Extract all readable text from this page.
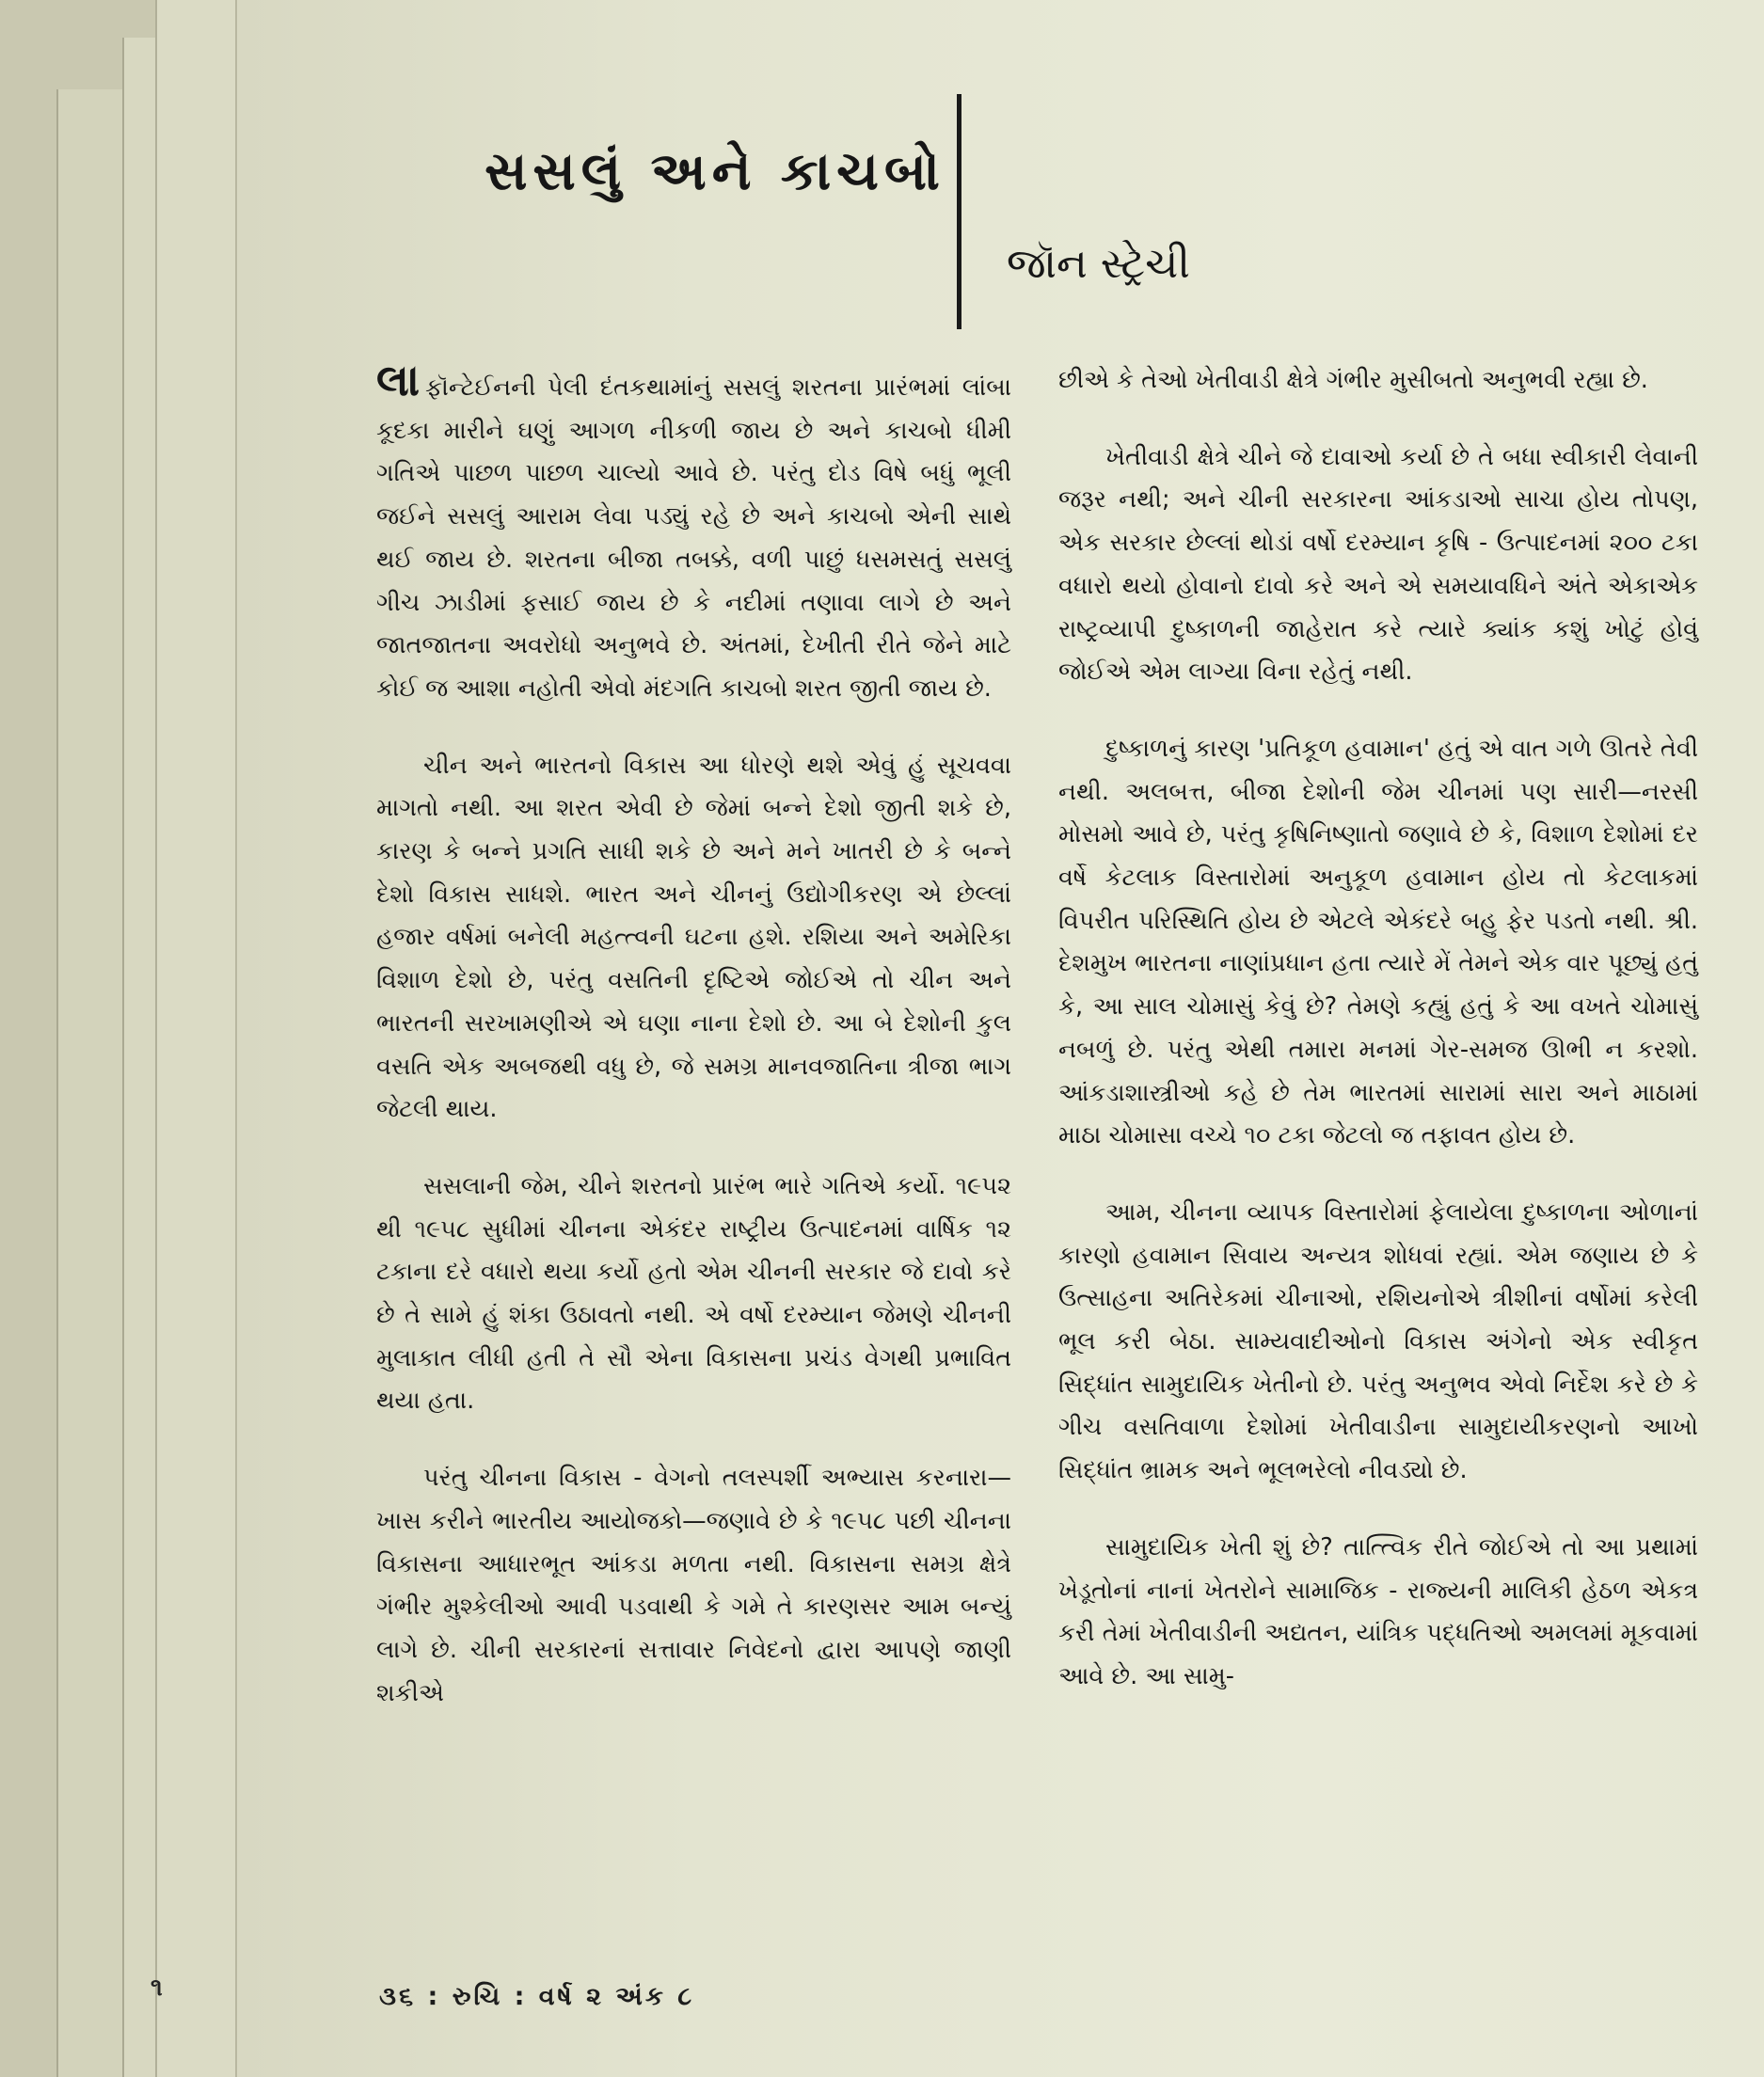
૧
સસલું અને કાચબો
જૉન સ્ટ્રેચી

લાફૉન્ટેઈનની પેલી દંતકથામાંનું સસલું શરતના પ્રારંભમાં લાંબા કૂદકા મારીને ઘણું આગળ નીકળી જાય છે અને કાચબો ધીમી ગતિએ પાછળ પાછળ ચાલ્યો આવે છે. પરંતુ દોડ વિષે બધું ભૂલી જઈને સસલું આરામ લેવા પડ્યું રહે છે અને કાચબો એની સાથે થઈ જાય છે. શરતના બીજા તબક્કે, વળી પાછું ધસમસતું સસલું ગીચ ઝાડીમાં ફસાઈ જાય છે કે નદીમાં તણાવા લાગે છે અને જાતજાતના અવરોધો અનુભવે છે. અંતમાં, દેખીતી રીતે જેને માટે કોઈ જ આશા નહોતી એવો મંદગતિ કાચબો શરત જીતી જાય છે.

ચીન અને ભારતનો વિકાસ આ ધોરણે થશે એવું હું સૂચવવા માગતો નથી. આ શરત એવી છે જેમાં બન્ને દેશો જીતી શકે છે, કારણ કે બન્ને પ્રગતિ સાધી શકે છે અને મને ખાતરી છે કે બન્ને દેશો વિકાસ સાધશે. ભારત અને ચીનનું ઉદ્યોગીકરણ એ છેલ્લાં હજાર વર્ષમાં બનેલી મહત્ત્વની ઘટના હશે. રશિયા અને અમેરિકા વિશાળ દેશો છે, પરંતુ વસતિની દૃષ્ટિએ જોઈએ તો ચીન અને ભારતની સરખામણીએ એ ઘણા નાના દેશો છે. આ બે દેશોની કુલ વસતિ એક અબજથી વધુ છે, જે સમગ્ર માનવજાતિના ત્રીજા ભાગ જેટલી થાય.

સસલાની જેમ, ચીને શરતનો પ્રારંભ ભારે ગતિએ કર્યો. ૧૯૫૨ થી ૧૯૫૮ સુધીમાં ચીનના એકંદર રાષ્ટ્રીય ઉત્પાદનમાં વાર્ષિક ૧૨ ટકાના દરે વધારો થયા કર્યો હતો એમ ચીનની સરકાર જે દાવો કરે છે તે સામે હું શંકા ઉઠાવતો નથી. એ વર્ષો દરમ્યાન જેમણે ચીનની મુલાકાત લીધી હતી તે સૌ એના વિકાસના પ્રચંડ વેગથી પ્રભાવિત થયા હતા.

પરંતુ ચીનના વિકાસ - વેગનો તલસ્પર્શી અભ્યાસ કરનારા—ખાસ કરીને ભારતીય આયોજકો—જણાવે છે કે ૧૯૫૮ પછી ચીનના વિકાસના આધારભૂત આંકડા મળતા નથી. વિકાસના સમગ્ર ક્ષેત્રે ગંભીર મુશ્કેલીઓ આવી પડવાથી કે ગમે તે કારણસર આમ બન્યું લાગે છે. ચીની સરકારનાં સત્તાવાર નિવેદનો દ્વારા આપણે જાણી શકીએ

છીએ કે તેઓ ખેતીવાડી ક્ષેત્રે ગંભીર મુસીબતો અનુભવી રહ્યા છે.

ખેતીવાડી ક્ષેત્રે ચીને જે દાવાઓ કર્યા છે તે બધા સ્વીકારી લેવાની જરૂર નથી; અને ચીની સરકારના આંકડાઓ સાચા હોય તોપણ, એક સરકાર છેલ્લાં થોડાં વર્ષો દરમ્યાન કૃષિ - ઉત્પાદનમાં ૨૦૦ ટકા વધારો થયો હોવાનો દાવો કરે અને એ સમયાવધિને અંતે એકાએક રાષ્ટ્રવ્યાપી દુષ્કાળની જાહેરાત કરે ત્યારે ક્યાંક કશું ખોટું હોવું જોઈએ એમ લાગ્યા વિના રહેતું નથી.

દુષ્કાળનું કારણ 'પ્રતિકૂળ હવામાન' હતું એ વાત ગળે ઊતરે તેવી નથી. અલબત્ત, બીજા દેશોની જેમ ચીનમાં પણ સારી—નરસી મોસમો આવે છે, પરંતુ કૃષિનિષ્ણાતો જણાવે છે કે, વિશાળ દેશોમાં દર વર્ષે કેટલાક વિસ્તારોમાં અનુકૂળ હવામાન હોય તો કેટલાકમાં વિપરીત પરિસ્થિતિ હોય છે એટલે એકંદરે બહુ ફેર પડતો નથી. શ્રી. દેશમુખ ભારતના નાણાંપ્રધાન હતા ત્યારે મેં તેમને એક વાર પૂછ્યું હતું કે, આ સાલ ચોમાસું કેવું છે? તેમણે કહ્યું હતું કે આ વખતે ચોમાસું નબળું છે. પરંતુ એથી તમારા મનમાં ગેર-સમજ ઊભી ન કરશો. આંકડાશાસ્ત્રીઓ કહે છે તેમ ભારતમાં સારામાં સારા અને માઠામાં માઠા ચોમાસા વચ્ચે ૧૦ ટકા જેટલો જ તફાવત હોય છે.

આમ, ચીનના વ્યાપક વિસ્તારોમાં ફેલાયેલા દુષ્કાળના ઓળાનાં કારણો હવામાન સિવાય અન્યત્ર શોધવાં રહ્યાં. એમ જણાય છે કે ઉત્સાહના અતિરેકમાં ચીનાઓ, રશિયનોએ ત્રીશીનાં વર્ષોમાં કરેલી ભૂલ કરી બેઠા. સામ્યવાદીઓનો વિકાસ અંગેનો એક સ્વીકૃત સિદ્ધાંત સામુદાયિક ખેતીનો છે. પરંતુ અનુભવ એવો નિર્દેશ કરે છે કે ગીચ વસતિવાળા દેશોમાં ખેતીવાડીના સામુદાયીકરણનો આખો સિદ્ધાંત ભ્રામક અને ભૂલભરેલો નીવડ્યો છે.

સામુદાયિક ખેતી શું છે? તાત્ત્વિક રીતે જોઈએ તો આ પ્રથામાં ખેડૂતોનાં નાનાં ખેતરોને સામાજિક - રાજ્યની માલિકી હેઠળ એકત્ર કરી તેમાં ખેતીવાડીની અદ્યતન, યાંત્રિક પદ્ધતિઓ અમલમાં મૂકવામાં આવે છે. આ સામુ-

૩૬ : રુચિ : વર્ષ ૨ અંક ૮
